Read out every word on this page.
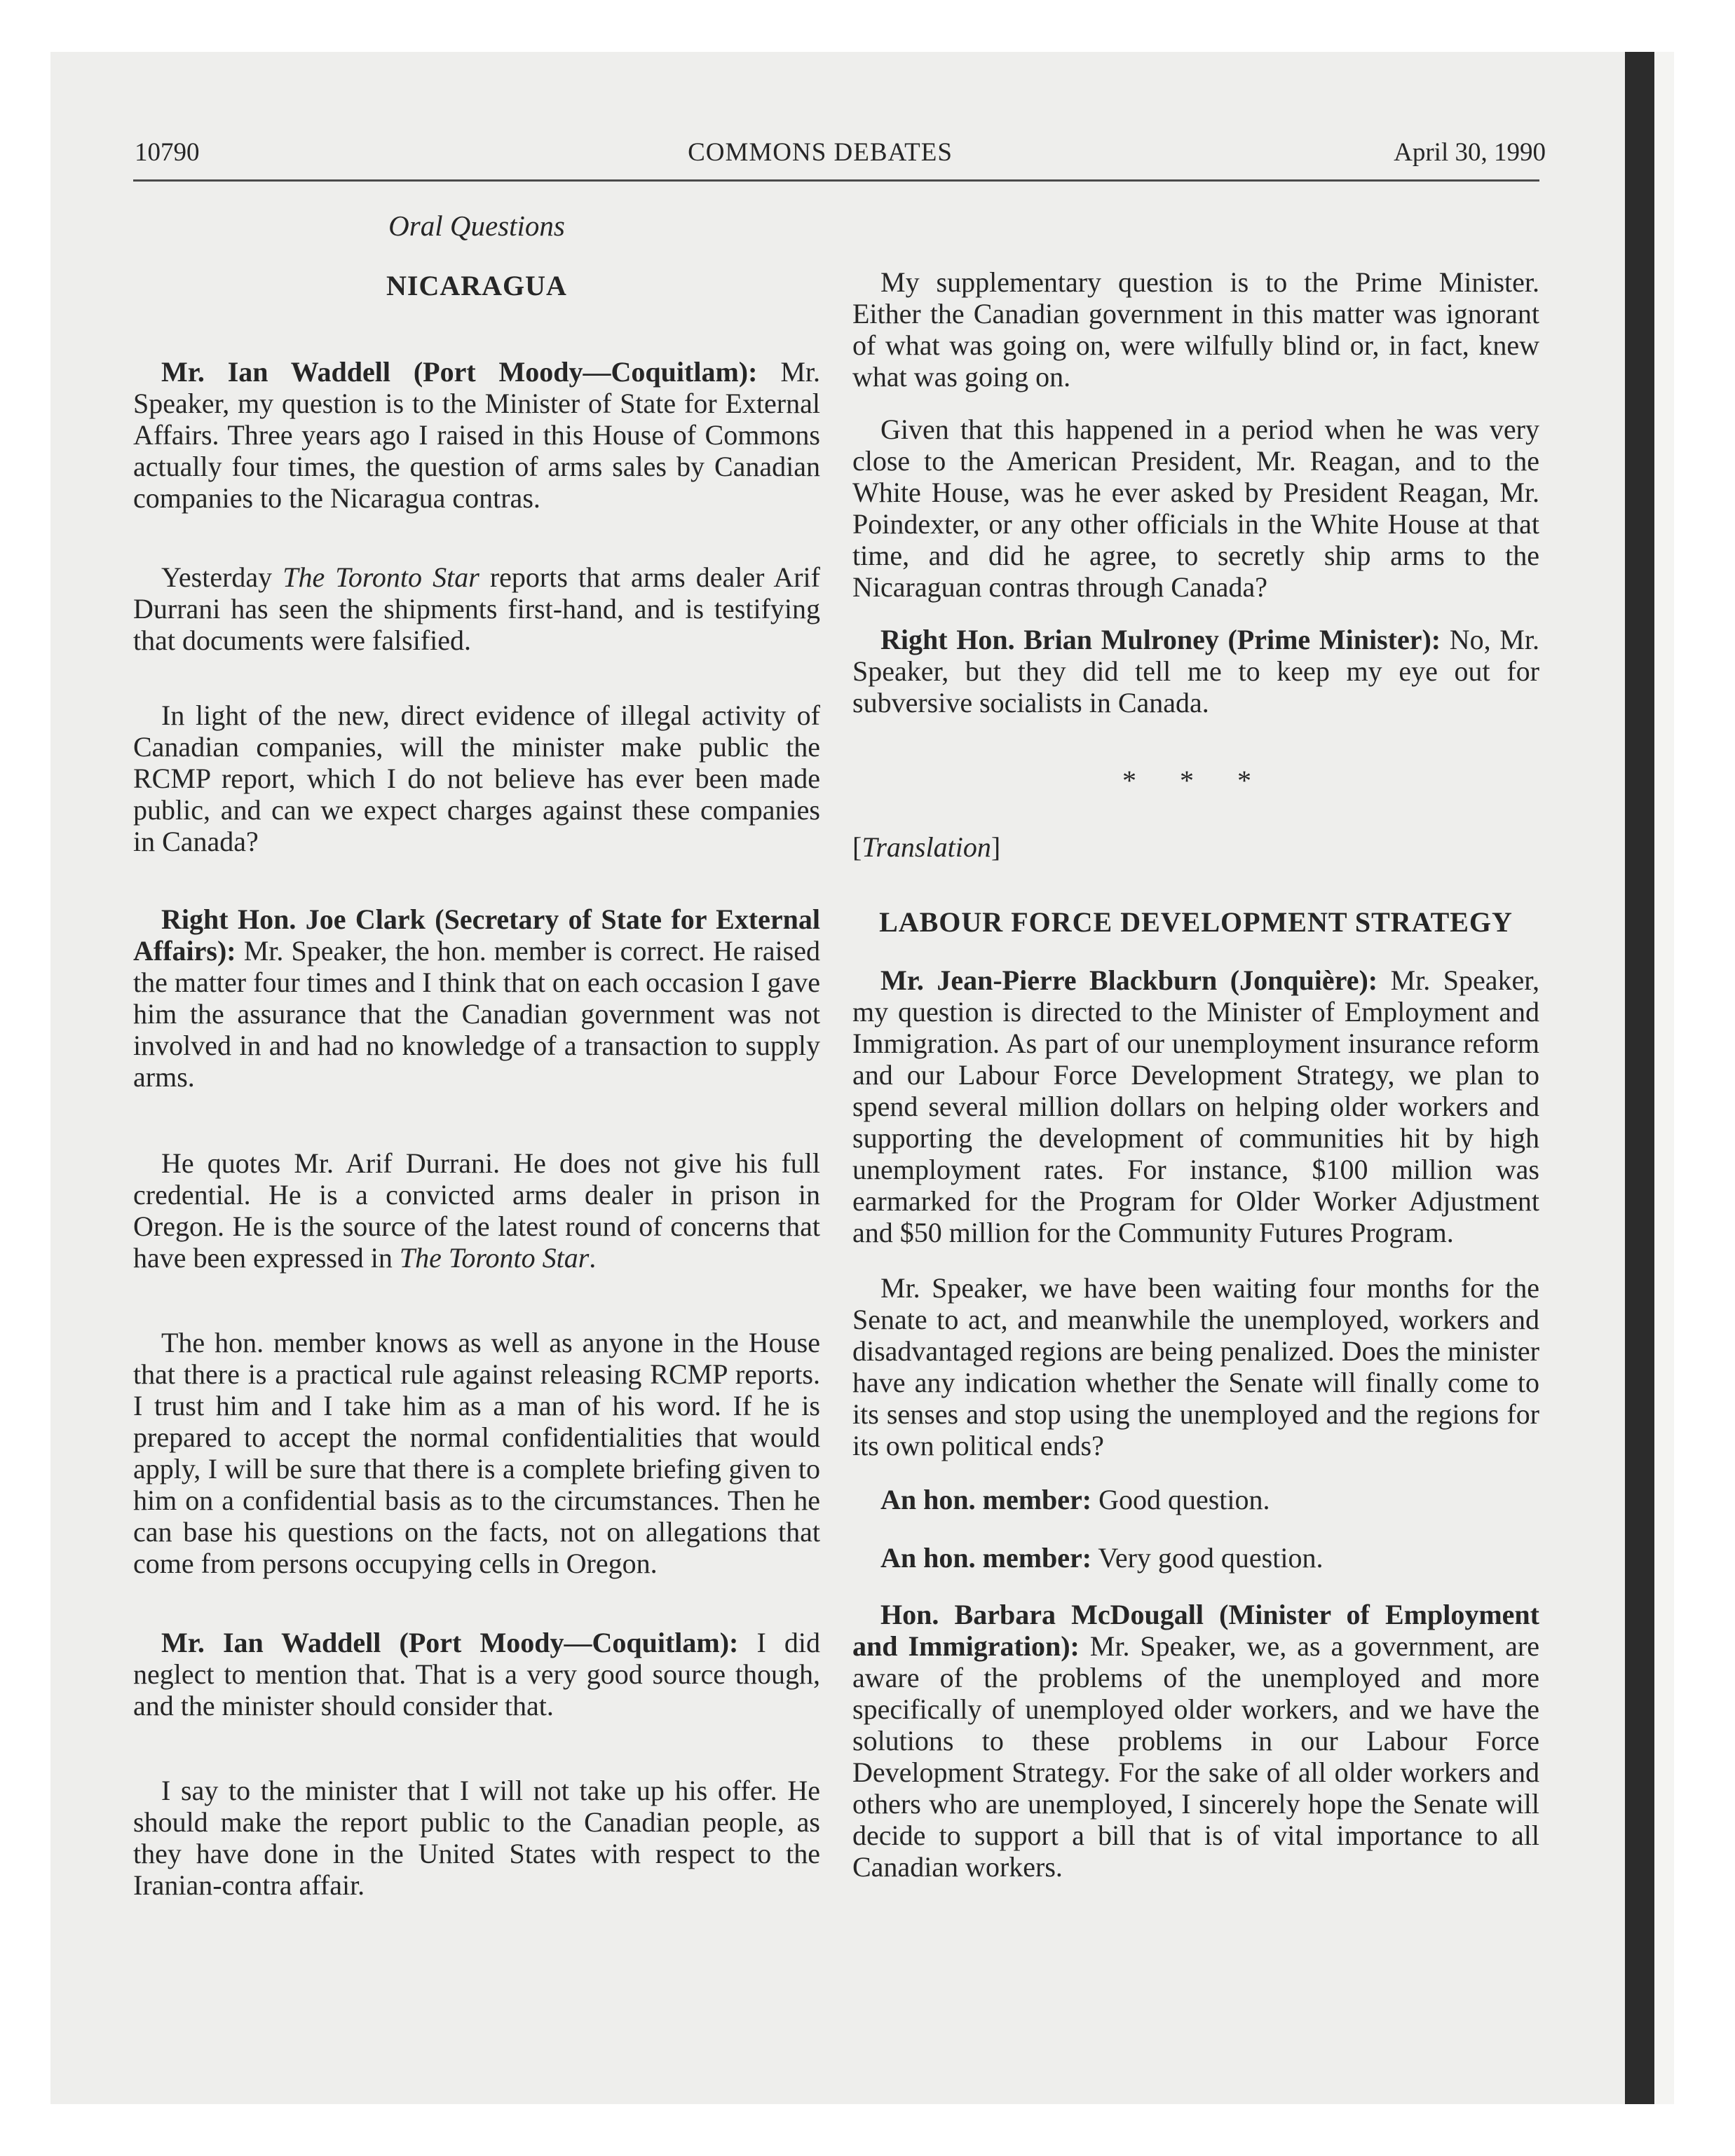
10790	COMMONS DEBATES	April 30, 1990
Oral Questions
NICARAGUA

Mr. Ian Waddell (Port Moody—Coquitlam): Mr. Speaker, my question is to the Minister of State for External Affairs. Three years ago I raised in this House of Commons actually four times, the question of arms sales by Canadian companies to the Nicaragua contras.

Yesterday The Toronto Star reports that arms dealer Arif Durrani has seen the shipments first-hand, and is testifying that documents were falsified.

In light of the new, direct evidence of illegal activity of Canadian companies, will the minister make public the RCMP report, which I do not believe has ever been made public, and can we expect charges against these companies in Canada?

Right Hon. Joe Clark (Secretary of State for External Affairs): Mr. Speaker, the hon. member is correct. He raised the matter four times and I think that on each occasion I gave him the assurance that the Canadian government was not involved in and had no knowledge of a transaction to supply arms.

He quotes Mr. Arif Durrani. He does not give his full credential. He is a convicted arms dealer in prison in Oregon. He is the source of the latest round of concerns that have been expressed in The Toronto Star.

The hon. member knows as well as anyone in the House that there is a practical rule against releasing RCMP reports. I trust him and I take him as a man of his word. If he is prepared to accept the normal confidentialities that would apply, I will be sure that there is a complete briefing given to him on a confidential basis as to the circumstances. Then he can base his questions on the facts, not on allegations that come from persons occupying cells in Oregon.

Mr. Ian Waddell (Port Moody—Coquitlam): I did neglect to mention that. That is a very good source though, and the minister should consider that.

I say to the minister that I will not take up his offer. He should make the report public to the Canadian people, as they have done in the United States with respect to the Iranian-contra affair.

My supplementary question is to the Prime Minister. Either the Canadian government in this matter was ignorant of what was going on, were wilfully blind or, in fact, knew what was going on.

Given that this happened in a period when he was very close to the American President, Mr. Reagan, and to the White House, was he ever asked by President Reagan, Mr. Poindexter, or any other officials in the White House at that time, and did he agree, to secretly ship arms to the Nicaraguan contras through Canada?

Right Hon. Brian Mulroney (Prime Minister): No, Mr. Speaker, but they did tell me to keep my eye out for subversive socialists in Canada.

* * *

[Translation]

LABOUR FORCE DEVELOPMENT STRATEGY

Mr. Jean-Pierre Blackburn (Jonquière): Mr. Speaker, my question is directed to the Minister of Employment and Immigration. As part of our unemployment insurance reform and our Labour Force Development Strategy, we plan to spend several million dollars on helping older workers and supporting the development of communities hit by high unemployment rates. For instance, $100 million was earmarked for the Program for Older Worker Adjustment and $50 million for the Community Futures Program.

Mr. Speaker, we have been waiting four months for the Senate to act, and meanwhile the unemployed, workers and disadvantaged regions are being penalized. Does the minister have any indication whether the Senate will finally come to its senses and stop using the unemployed and the regions for its own political ends?

An hon. member: Good question.

An hon. member: Very good question.

Hon. Barbara McDougall (Minister of Employment and Immigration): Mr. Speaker, we, as a government, are aware of the problems of the unemployed and more specifically of unemployed older workers, and we have the solutions to these problems in our Labour Force Development Strategy. For the sake of all older workers and others who are unemployed, I sincerely hope the Senate will decide to support a bill that is of vital importance to all Canadian workers.
